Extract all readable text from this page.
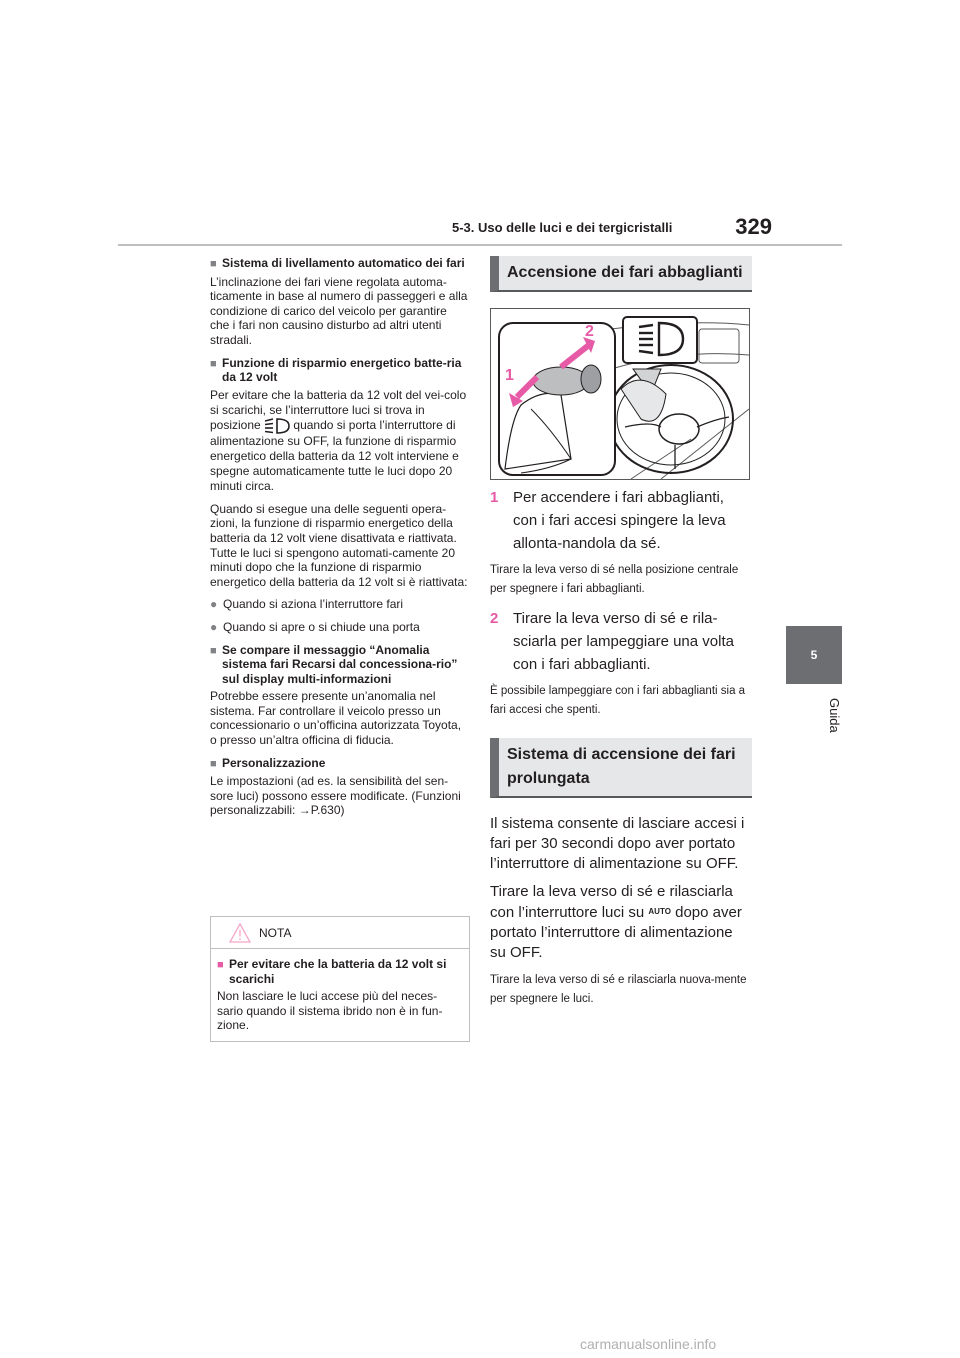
5-3. Uso delle luci e dei tergicristalli	329
5
Guida
■ Sistema di livellamento automatico dei fari
L’inclinazione dei fari viene regolata automa-ticamente in base al numero di passeggeri e alla condizione di carico del veicolo per garantire che i fari non causino disturbo ad altri utenti stradali.
■ Funzione di risparmio energetico batte-ria da 12 volt
Per evitare che la batteria da 12 volt del vei-colo si scarichi, se l’interruttore luci si trova in posizione	quando si porta l’interruttore di alimentazione su OFF, la funzione di risparmio energetico della batteria da 12 volt interviene e spegne automaticamente tutte le luci dopo 20 minuti circa.
Quando si esegue una delle seguenti opera-zioni, la funzione di risparmio energetico della batteria da 12 volt viene disattivata e riattivata. Tutte le luci si spengono automati-camente 20 minuti dopo che la funzione di risparmio energetico della batteria da 12 volt si è riattivata:
● Quando si aziona l’interruttore fari
● Quando si apre o si chiude una porta
■ Se compare il messaggio “Anomalia sistema fari Recarsi dal concessiona-rio” sul display multi-informazioni
Potrebbe essere presente un’anomalia nel sistema. Far controllare il veicolo presso un concessionario o un’officina autorizzata Toyota, o presso un’altra officina di fiducia.
■ Personalizzazione
Le impostazioni (ad es. la sensibilità del sen-sore luci) possono essere modificate. (Funzioni personalizzabili: →P.630)
NOTA
■ Per evitare che la batteria da 12 volt si scarichi
Non lasciare le luci accese più del neces-sario quando il sistema ibrido non è in fun-zione.
Accensione dei fari abbaglianti
2
1
1 Per accendere i fari abbaglianti, con i fari accesi spingere la leva allonta-nandola da sé.
Tirare la leva verso di sé nella posizione centrale per spegnere i fari abbaglianti.
2 Tirare la leva verso di sé e rila-sciarla per lampeggiare una volta con i fari abbaglianti.
È possibile lampeggiare con i fari abbaglianti sia a fari accesi che spenti.
Sistema di accensione dei fari prolungata
Il sistema consente di lasciare accesi i fari per 30 secondi dopo aver portato l’interruttore di alimentazione su OFF.
Tirare la leva verso di sé e rilasciarla con l’interruttore luci su $^{AUTO}$ dopo aver portato l’interruttore di alimentazione su OFF.
Tirare la leva verso di sé e rilasciarla nuova-mente per spegnere le luci.
carmanualsonline.info
